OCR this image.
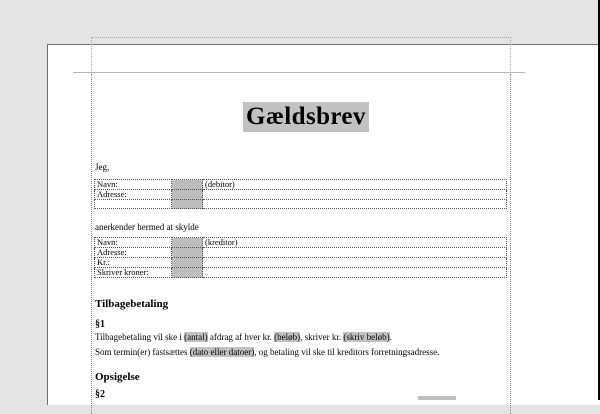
Gældsbrev
Jeg,
Navn:		(debitor)
Adresse:		

anerkender hermed at skylde
Navn:		(kreditor)
Adresse:		
Kr.:		
Skriver kroner:		
Tilbagebetaling
§1
Tilbagebetaling vil ske i (antal) afdrag af hver kr. (beløb), skriver kr. (skriv beløb).
Som termin(er) fastsættes (dato eller datoer), og betaling vil ske til kreditors forretningsadresse.
Opsigelse
§2
